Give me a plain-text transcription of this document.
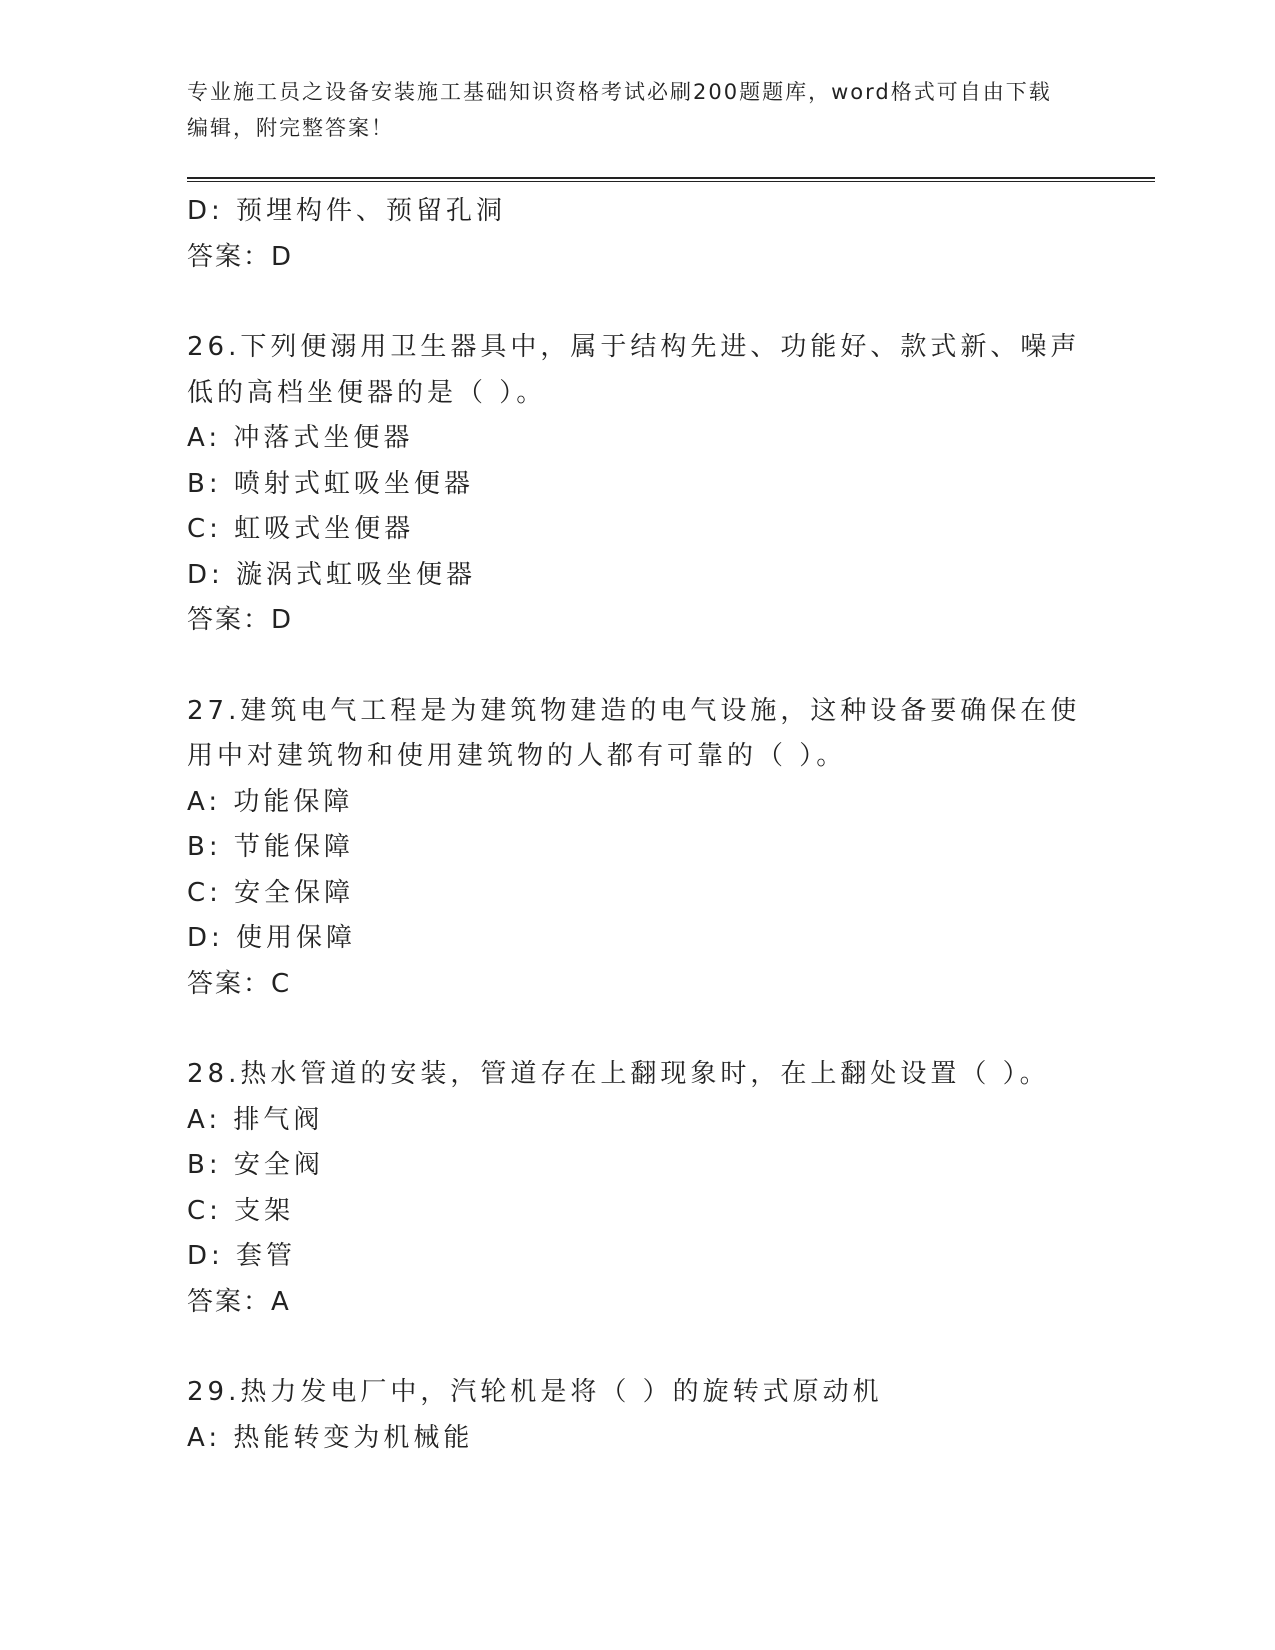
专业施工员之设备安装施工基础知识资格考试必刷200题题库，word格式可自由下载编辑，附完整答案！
D: 预埋构件、预留孔洞
答案：D
26.下列便溺用卫生器具中，属于结构先进、功能好、款式新、噪声低的高档坐便器的是（ ）。
A: 冲落式坐便器
B: 喷射式虹吸坐便器
C: 虹吸式坐便器
D: 漩涡式虹吸坐便器
答案：D
27.建筑电气工程是为建筑物建造的电气设施，这种设备要确保在使用中对建筑物和使用建筑物的人都有可靠的（ ）。
A: 功能保障
B: 节能保障
C: 安全保障
D: 使用保障
答案：C
28.热水管道的安装，管道存在上翻现象时，在上翻处设置（ ）。
A: 排气阀
B: 安全阀
C: 支架
D: 套管
答案：A
29.热力发电厂中，汽轮机是将（ ）的旋转式原动机
A: 热能转变为机械能
